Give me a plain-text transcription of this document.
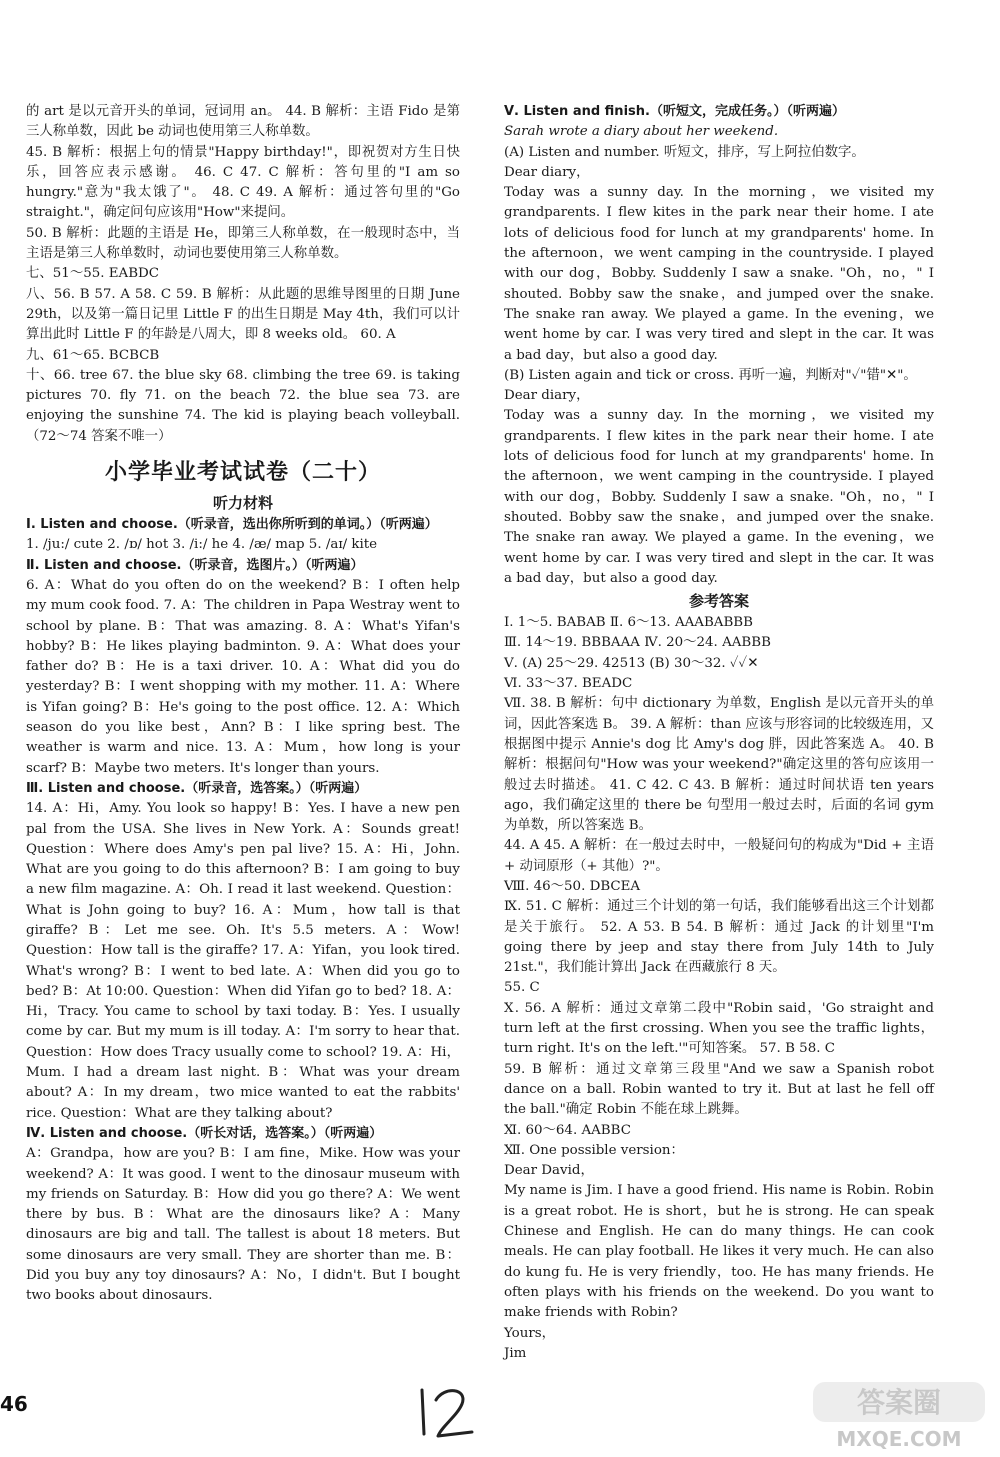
的 art 是以元音开头的单词，冠词用 an。 44. B 解析：主语 Fido 是第三人称单数，因此 be 动词也使用第三人称单数。

45. B 解析：根据上句的情景"Happy birthday!"，即祝贺对方生日快乐，回答应表示感谢。 46. C 47. C 解析：答句里的"I am so hungry."意为"我太饿了"。 48. C 49. A 解析：通过答句里的"Go straight."，确定问句应该用"How"来提问。

50. B 解析：此题的主语是 He，即第三人称单数，在一般现时态中，当主语是第三人称单数时，动词也要使用第三人称单数。

七、51～55. EABDC

八、56. B 57. A 58. C 59. B 解析：从此题的思维导图里的日期 June 29th，以及第一篇日记里 Little F 的出生日期是 May 4th，我们可以计算出此时 Little F 的年龄是八周大，即 8 weeks old。 60. A

九、61～65. BCBCB

十、66. tree 67. the blue sky 68. climbing the tree 69. is taking pictures 70. fly 71. on the beach 72. the blue sea 73. are enjoying the sunshine 74. The kid is playing beach volleyball.（72～74 答案不唯一）

小学毕业考试试卷（二十）

听力材料

Ⅰ. Listen and choose.（听录音，选出你所听到的单词。）（听两遍）

1. /ju:/ cute 2. /ɒ/ hot 3. /i:/ he 4. /æ/ map 5. /aɪ/ kite

Ⅱ. Listen and choose.（听录音，选图片。）（听两遍）

6. A：What do you often do on the weekend? B：I often help my mum cook food. 7. A：The children in Papa Westray went to school by plane. B：That was amazing. 8. A：What's Yifan's hobby? B：He likes playing badminton. 9. A：What does your father do? B：He is a taxi driver. 10. A：What did you do yesterday? B：I went shopping with my mother. 11. A：Where is Yifan going? B：He's going to the post office. 12. A：Which season do you like best，Ann? B：I like spring best. The weather is warm and nice. 13. A：Mum，how long is your scarf? B：Maybe two meters. It's longer than yours.

Ⅲ. Listen and choose.（听录音，选答案。）（听两遍）

14. A：Hi，Amy. You look so happy! B：Yes. I have a new pen pal from the USA. She lives in New York. A：Sounds great! Question：Where does Amy's pen pal live? 15. A：Hi，John. What are you going to do this afternoon? B：I am going to buy a new film magazine. A：Oh. I read it last weekend. Question：What is John going to buy? 16. A：Mum，how tall is that giraffe? B：Let me see. Oh. It's 5.5 meters. A：Wow! Question：How tall is the giraffe? 17. A：Yifan，you look tired. What's wrong? B：I went to bed late. A：When did you go to bed? B：At 10:00. Question：When did Yifan go to bed? 18. A：Hi，Tracy. You came to school by taxi today. B：Yes. I usually come by car. But my mum is ill today. A：I'm sorry to hear that. Question：How does Tracy usually come to school? 19. A：Hi，Mum. I had a dream last night. B：What was your dream about? A：In my dream，two mice wanted to eat the rabbits' rice. Question：What are they talking about?

Ⅳ. Listen and choose.（听长对话，选答案。）（听两遍）

A：Grandpa，how are you? B：I am fine，Mike. How was your weekend? A：It was good. I went to the dinosaur museum with my friends on Saturday. B：How did you go there? A：We went there by bus. B：What are the dinosaurs like? A：Many dinosaurs are big and tall. The tallest is about 18 meters. But some dinosaurs are very small. They are shorter than me. B：Did you buy any toy dinosaurs? A：No，I didn't. But I bought two books about dinosaurs.

Ⅴ. Listen and finish.（听短文，完成任务。）（听两遍）

Sarah wrote a diary about her weekend.

(A) Listen and number. 听短文，排序，写上阿拉伯数字。

Dear diary，

Today was a sunny day. In the morning，we visited my grandparents. I flew kites in the park near their home. I ate lots of delicious food for lunch at my grandparents' home. In the afternoon，we went camping in the countryside. I played with our dog，Bobby. Suddenly I saw a snake. "Oh，no，" I shouted. Bobby saw the snake，and jumped over the snake. The snake ran away. We played a game. In the evening，we went home by car. I was very tired and slept in the car. It was a bad day，but also a good day.

(B) Listen again and tick or cross. 再听一遍，判断对"✓"错"✕"。

Dear diary，

Today was a sunny day. In the morning，we visited my grandparents. I flew kites in the park near their home. I ate lots of delicious food for lunch at my grandparents' home. In the afternoon，we went camping in the countryside. I played with our dog，Bobby. Suddenly I saw a snake. "Oh，no，" I shouted. Bobby saw the snake，and jumped over the snake. The snake ran away. We played a game. In the evening，we went home by car. I was very tired and slept in the car. It was a bad day，but also a good day.

参考答案

Ⅰ. 1～5. BABAB Ⅱ. 6～13. AAABABBB

Ⅲ. 14～19. BBBAAA Ⅳ. 20～24. AABBB

Ⅴ. (A) 25～29. 42513 (B) 30～32. ✓✓✕

Ⅵ. 33～37. BEADC

Ⅶ. 38. B 解析：句中 dictionary 为单数，English 是以元音开头的单词，因此答案选 B。 39. A 解析：than 应该与形容词的比较级连用，又根据图中提示 Annie's dog 比 Amy's dog 胖，因此答案选 A。 40. B 解析：根据问句"How was your weekend?"确定这里的答句应该用一般过去时描述。 41. C 42. C 43. B 解析：通过时间状语 ten years ago，我们确定这里的 there be 句型用一般过去时，后面的名词 gym 为单数，所以答案选 B。

44. A 45. A 解析：在一般过去时中，一般疑问句的构成为"Did + 主语 + 动词原形（+ 其他）?"。

Ⅷ. 46～50. DBCEA

Ⅸ. 51. C 解析：通过三个计划的第一句话，我们能够看出这三个计划都是关于旅行。 52. A 53. B 54. B 解析：通过 Jack 的计划里"I'm going there by jeep and stay there from July 14th to July 21st."，我们能计算出 Jack 在西藏旅行 8 天。

55. C

Ⅹ. 56. A 解析：通过文章第二段中"Robin said，'Go straight and turn left at the first crossing. When you see the traffic lights，turn right. It's on the left.'"可知答案。 57. B 58. C

59. B 解析：通过文章第三段里"And we saw a Spanish robot dance on a ball. Robin wanted to try it. But at last he fell off the ball."确定 Robin 不能在球上跳舞。

Ⅺ. 60～64. AABBC

Ⅻ. One possible version：

Dear David，

My name is Jim. I have a good friend. His name is Robin. Robin is a great robot. He is short，but he is strong. He can speak Chinese and English. He can do many things. He can cook meals. He can play football. He likes it very much. He can also do kung fu. He is very friendly，too. He has many friends. He often plays with his friends on the weekend. Do you want to make friends with Robin?

Yours，

Jim

46	答案圈
MXQE.COM
